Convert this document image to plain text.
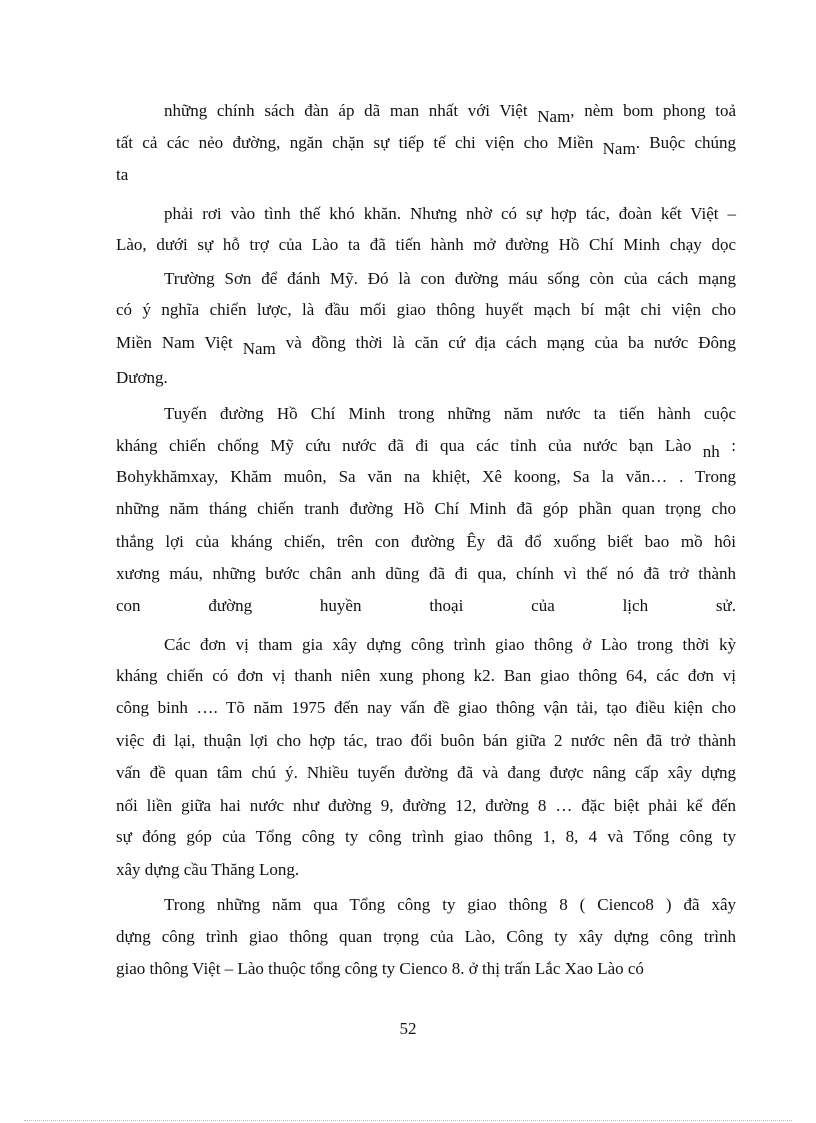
những chính sách đàn áp dã man nhất với Việt Nam, nèm bom phong toả
tất cả các nẻo đường, ngăn chặn sự tiếp tế chi viện cho Miền Nam. Buộc chúng
ta
phải rơi vào tình thế khó khăn. Nhưng nhờ có sự hợp tác, đoàn kết Việt –
Lào, dưới sự hỗ trợ của Lào ta đã tiến hành mở đường Hồ Chí Minh chạy dọc
Trường Sơn để đánh Mỹ. Đó là con đường máu sống còn của cách mạng
có ý nghĩa chiến lược, là đầu mối giao thông huyết mạch bí mật chi viện cho
Miền Nam Việt Nam và đồng thời là căn cứ địa cách mạng của ba nước Đông
Dương.
Tuyến đường Hồ Chí Minh trong những năm nước ta tiến hành cuộc
kháng chiến chống Mỹ cứu nước đã đi qua các tỉnh của nước bạn Lào nh :
Bohykhămxay, Khăm muôn, Sa văn na khiệt, Xê koong, Sa la văn… . Trong
những năm tháng chiến tranh đường Hồ Chí Minh đã góp phần quan trọng cho
thắng lợi của kháng chiến, trên con đường Êy đã đổ xuống biết bao mồ hôi
xương máu, những bước chân anh dũng đã đi qua, chính vì thế nó đã trở thành
con đường huyền thoại của lịch sử.
Các đơn vị tham gia xây dựng công trình giao thông ở Lào trong thời kỳ
kháng chiến có đơn vị thanh niên xung phong k2. Ban giao thông 64, các đơn vị
công binh …. Tõ năm 1975 đến nay vấn đề giao thông vận tải, tạo điều kiện cho
việc đi lại, thuận lợi cho hợp tác, trao đổi buôn bán giữa 2 nước nên đã trở thành
vấn đề quan tâm chú ý. Nhiều tuyến đường đã và đang được nâng cấp xây dựng
nối liền giữa hai nước như đường 9, đường 12, đường 8 … đặc biệt phải kể đến
sự đóng góp của Tổng công ty công trình giao thông 1, 8, 4 và Tổng công ty
xây dựng cầu Thăng Long.
Trong những năm qua Tổng công ty giao thông 8 ( Cienco8 ) đã xây
dựng công trình giao thông quan trọng của Lào, Công ty xây dựng công trình
giao thông Việt – Lào thuộc tổng công ty Cienco 8. ở thị trấn Lắc Xao Lào có
52
